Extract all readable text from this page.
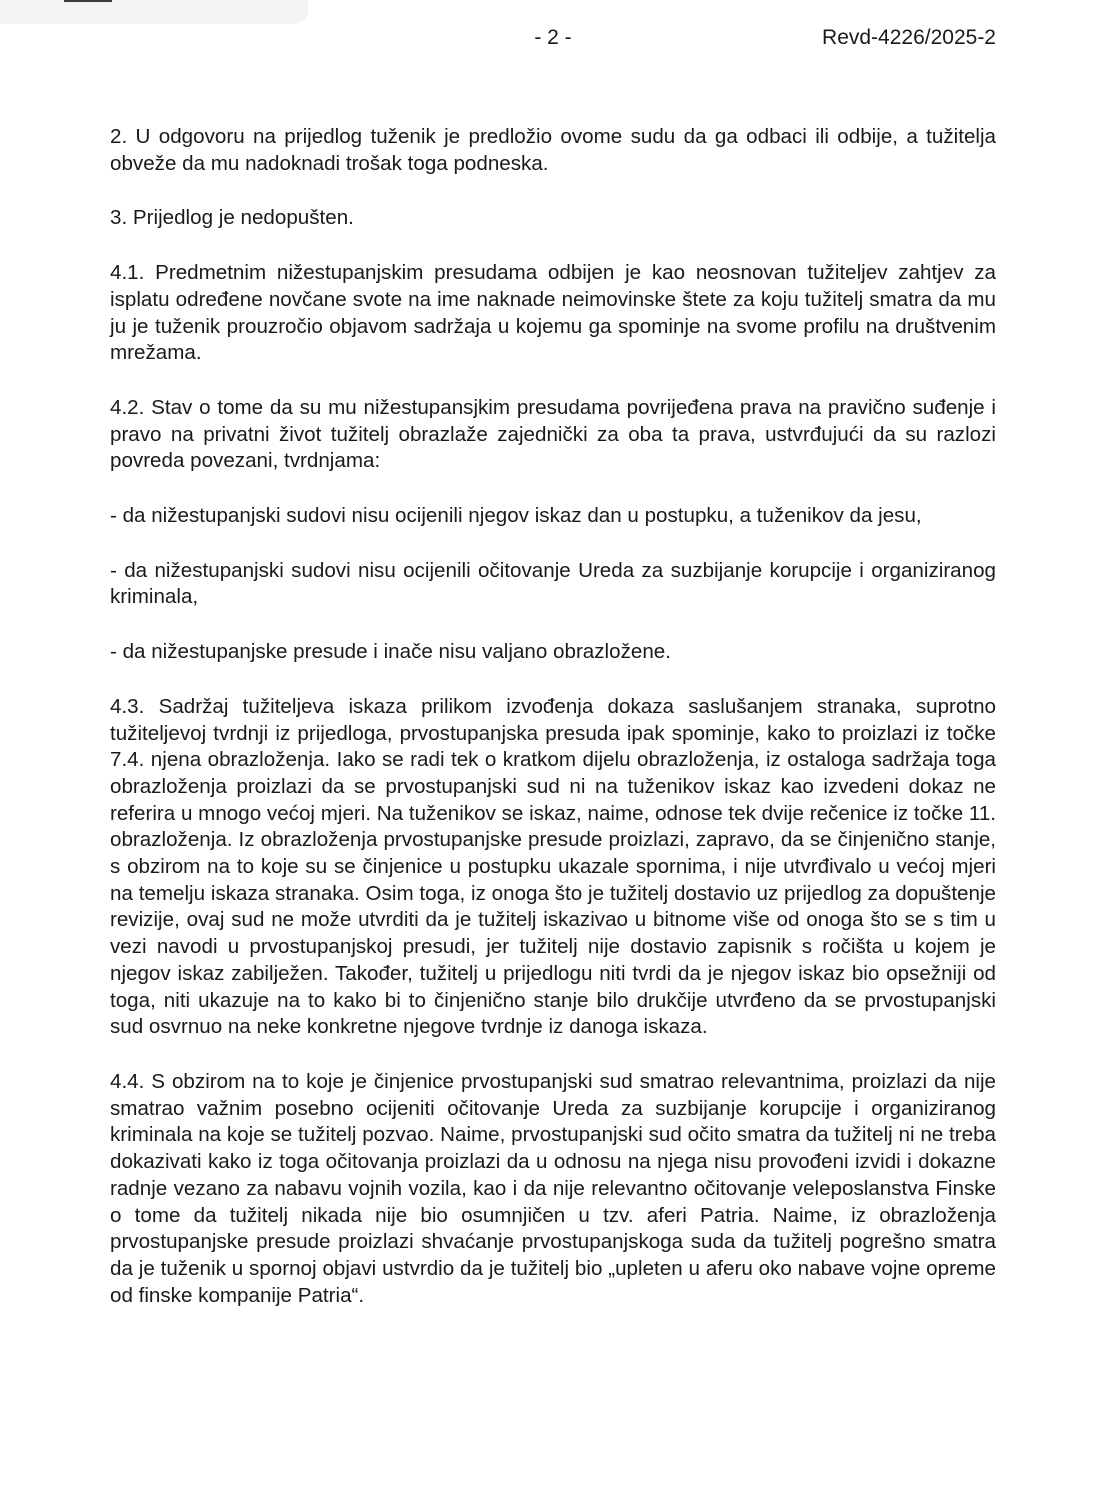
- 2 -	Revd-4226/2025-2

2. U odgovoru na prijedlog tuženik je predložio ovome sudu da ga odbaci ili odbije, a tužitelja obveže da mu nadoknadi trošak toga podneska.

3. Prijedlog je nedopušten.

4.1. Predmetnim nižestupanjskim presudama odbijen je kao neosnovan tužiteljev zahtjev za isplatu određene novčane svote na ime naknade neimovinske štete za koju tužitelj smatra da mu ju je tuženik prouzročio objavom sadržaja u kojemu ga spominje na svome profilu na društvenim mrežama.

4.2. Stav o tome da su mu nižestupansjkim presudama povrijeđena prava na pravično suđenje i pravo na privatni život tužitelj obrazlaže zajednički za oba ta prava, ustvrđujući da su razlozi povreda povezani, tvrdnjama:

- da nižestupanjski sudovi nisu ocijenili njegov iskaz dan u postupku, a tuženikov da jesu,

- da nižestupanjski sudovi nisu ocijenili očitovanje Ureda za suzbijanje korupcije i organiziranog kriminala,

- da nižestupanjske presude i inače nisu valjano obrazložene.

4.3. Sadržaj tužiteljeva iskaza prilikom izvođenja dokaza saslušanjem stranaka, suprotno tužiteljevoj tvrdnji iz prijedloga, prvostupanjska presuda ipak spominje, kako to proizlazi iz točke 7.4. njena obrazloženja. Iako se radi tek o kratkom dijelu obrazloženja, iz ostaloga sadržaja toga obrazloženja proizlazi da se prvostupanjski sud ni na tuženikov iskaz kao izvedeni dokaz ne referira u mnogo većoj mjeri. Na tuženikov se iskaz, naime, odnose tek dvije rečenice iz točke 11. obrazloženja. Iz obrazloženja prvostupanjske presude proizlazi, zapravo, da se činjenično stanje, s obzirom na to koje su se činjenice u postupku ukazale spornima, i nije utvrđivalo u većoj mjeri na temelju iskaza stranaka. Osim toga, iz onoga što je tužitelj dostavio uz prijedlog za dopuštenje revizije, ovaj sud ne može utvrditi da je tužitelj iskazivao u bitnome više od onoga što se s tim u vezi navodi u prvostupanjskoj presudi, jer tužitelj nije dostavio zapisnik s ročišta u kojem je njegov iskaz zabilježen. Također, tužitelj u prijedlogu niti tvrdi da je njegov iskaz bio opsežniji od toga, niti ukazuje na to kako bi to činjenično stanje bilo drukčije utvrđeno da se prvostupanjski sud osvrnuo na neke konkretne njegove tvrdnje iz danoga iskaza.

4.4. S obzirom na to koje je činjenice prvostupanjski sud smatrao relevantnima, proizlazi da nije smatrao važnim posebno ocijeniti očitovanje Ureda za suzbijanje korupcije i organiziranog kriminala na koje se tužitelj pozvao. Naime, prvostupanjski sud očito smatra da tužitelj ni ne treba dokazivati kako iz toga očitovanja proizlazi da u odnosu na njega nisu provođeni izvidi i dokazne radnje vezano za nabavu vojnih vozila, kao i da nije relevantno očitovanje veleposlanstva Finske o tome da tužitelj nikada nije bio osumnjičen u tzv. aferi Patria. Naime, iz obrazloženja prvostupanjske presude proizlazi shvaćanje prvostupanjskoga suda da tužitelj pogrešno smatra da je tuženik u spornoj objavi ustvrdio da je tužitelj bio „upleten u aferu oko nabave vojne opreme od finske kompanije Patria“.
